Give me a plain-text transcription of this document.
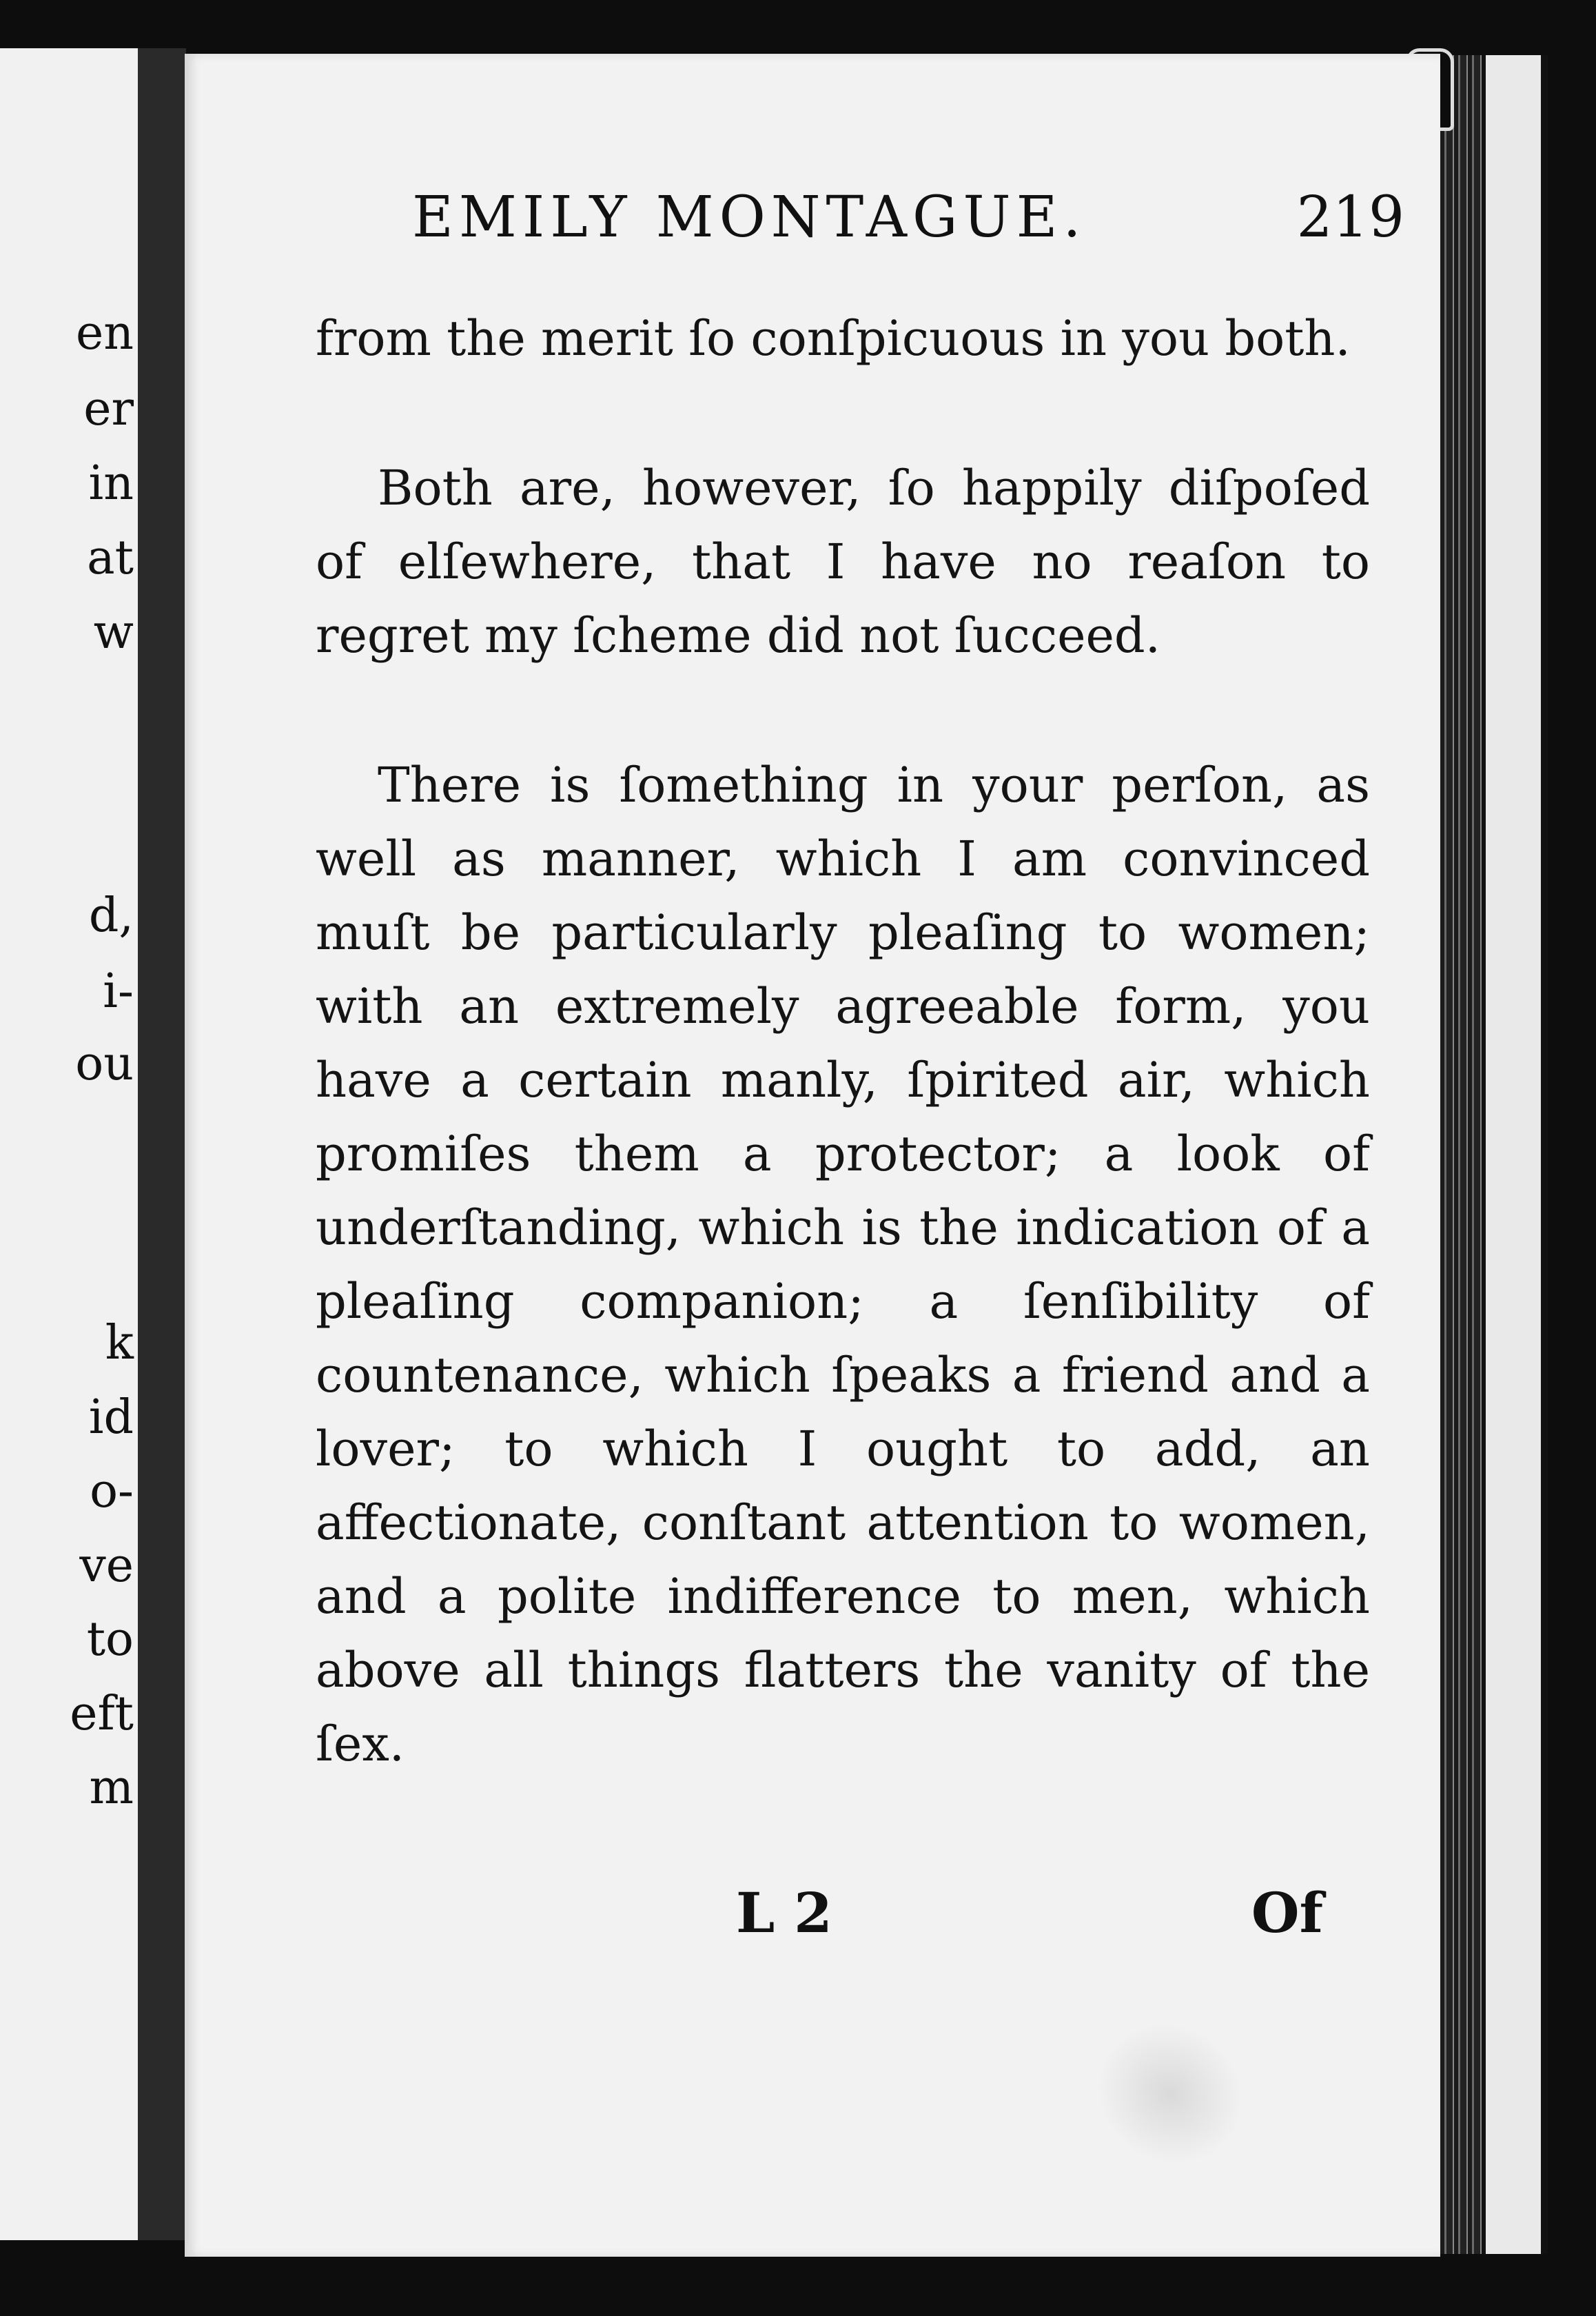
en
er
in
at
w
d,
i-
ou
k
id
o-
ve
to
eft
m
EMILY MONTAGUE.	219

from the merit ſo conſpicuous in you both.

Both are, however, ſo happily diſpoſed of elſewhere, that I have no reaſon to regret my ſcheme did not ſucceed.

There is ſomething in your perſon, as well as manner, which I am convinced muſt be particularly pleaſing to women; with an extremely agreeable form, you have a certain manly, ſpirited air, which promiſes them a protector; a look of underſtanding, which is the indication of a pleaſing companion; a ſenſibility of countenance, which ſpeaks a friend and a lover; to which I ought to add, an affectionate, conſtant attention to women, and a polite indifference to men, which above all things flatters the vanity of the ſex.

L 2	Of
